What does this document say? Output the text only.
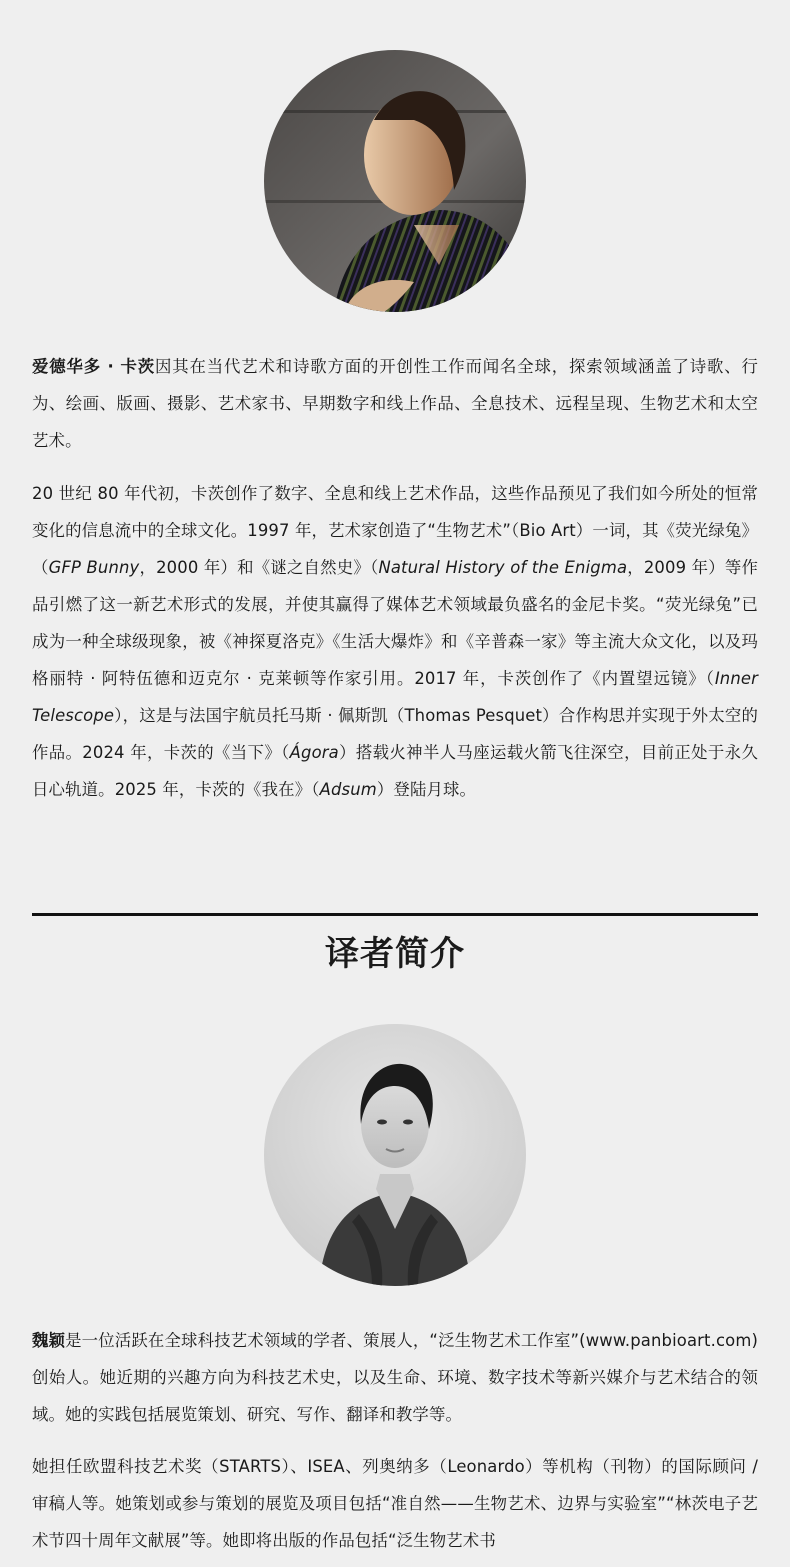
爱德华多 · 卡茨因其在当代艺术和诗歌方面的开创性工作而闻名全球，探索领域涵盖了诗歌、行为、绘画、版画、摄影、艺术家书、早期数字和线上作品、全息技术、远程呈现、生物艺术和太空艺术。

20 世纪 80 年代初，卡茨创作了数字、全息和线上艺术作品，这些作品预见了我们如今所处的恒常变化的信息流中的全球文化。1997 年，艺术家创造了“生物艺术”（Bio Art）一词，其《荧光绿兔》（GFP Bunny，2000 年）和《谜之自然史》（Natural History of the Enigma，2009 年）等作品引燃了这一新艺术形式的发展，并使其赢得了媒体艺术领域最负盛名的金尼卡奖。“荧光绿兔”已成为一种全球级现象，被《神探夏洛克》《生活大爆炸》和《辛普森一家》等主流大众文化，以及玛格丽特 · 阿特伍德和迈克尔 · 克莱顿等作家引用。2017 年，卡茨创作了《内置望远镜》（Inner Telescope），这是与法国宇航员托马斯 · 佩斯凯（Thomas Pesquet）合作构思并实现于外太空的作品。2024 年，卡茨的《当下》（Ágora）搭载火神半人马座运载火箭飞往深空，目前正处于永久日心轨道。2025 年，卡茨的《我在》（Adsum）登陆月球。

译者简介

魏颖是一位活跃在全球科技艺术领域的学者、策展人，“泛生物艺术工作室”(www.panbioart.com) 创始人。她近期的兴趣方向为科技艺术史，以及生命、环境、数字技术等新兴媒介与艺术结合的领域。她的实践包括展览策划、研究、写作、翻译和教学等。

她担任欧盟科技艺术奖（STARTS）、ISEA、列奥纳多（Leonardo）等机构（刊物）的国际顾问 / 审稿人等。她策划或参与策划的展览及项目包括“准自然——生物艺术、边界与实验室”“林茨电子艺术节四十周年文献展”等。她即将出版的作品包括“泛生物艺术书
